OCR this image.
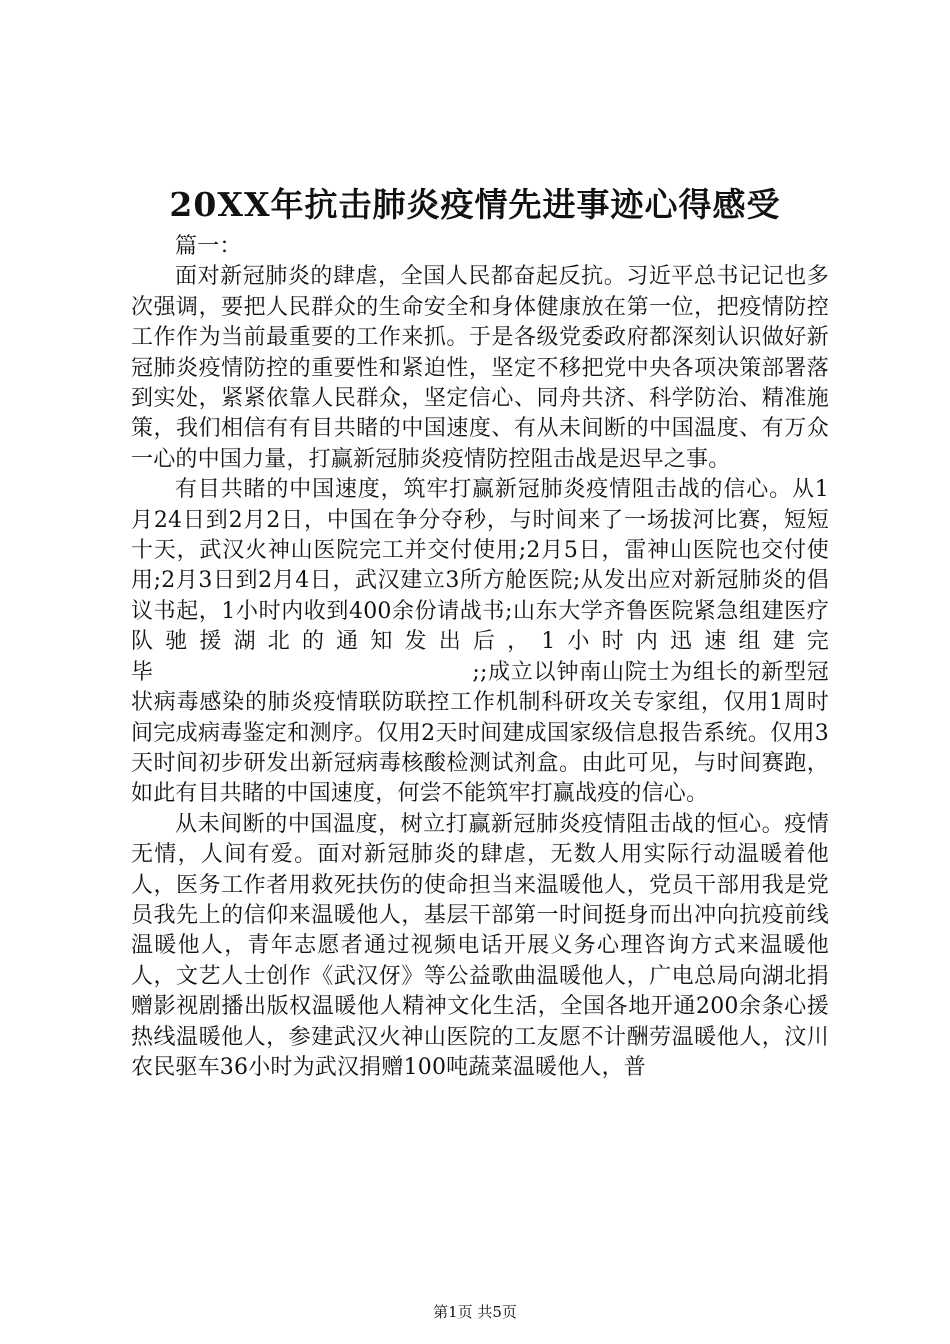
20XX年抗击肺炎疫情先进事迹心得感受

篇一：

面对新冠肺炎的肆虐，全国人民都奋起反抗。习近平总书记记也多次强调，要把人民群众的生命安全和身体健康放在第一位，把疫情防控工作作为当前最重要的工作来抓。于是各级党委政府都深刻认识做好新冠肺炎疫情防控的重要性和紧迫性，坚定不移把党中央各项决策部署落到实处，紧紧依靠人民群众，坚定信心、同舟共济、科学防治、精准施策，我们相信有有目共睹的中国速度、有从未间断的中国温度、有万众一心的中国力量，打赢新冠肺炎疫情防控阻击战是迟早之事。

有目共睹的中国速度，筑牢打赢新冠肺炎疫情阻击战的信心。从1月24日到2月2日，中国在争分夺秒，与时间来了一场拔河比赛，短短十天，武汉火神山医院完工并交付使用;2月5日，雷神山医院也交付使用;2月3日到2月4日，武汉建立3所方舱医院;从发出应对新冠肺炎的倡议书起，1小时内收到400余份请战书;山东大学齐鲁医院紧急组建医疗队驰援湖北的通知发出后，1小时内迅速组建完毕　　　　　　　　　　　　　　;;成立以钟南山院士为组长的新型冠状病毒感染的肺炎疫情联防联控工作机制科研攻关专家组，仅用1周时间完成病毒鉴定和测序。仅用2天时间建成国家级信息报告系统。仅用3天时间初步研发出新冠病毒核酸检测试剂盒。由此可见，与时间赛跑，如此有目共睹的中国速度，何尝不能筑牢打赢战疫的信心。

从未间断的中国温度，树立打赢新冠肺炎疫情阻击战的恒心。疫情无情，人间有爱。面对新冠肺炎的肆虐，无数人用实际行动温暖着他人，医务工作者用救死扶伤的使命担当来温暖他人，党员干部用我是党员我先上的信仰来温暖他人，基层干部第一时间挺身而出冲向抗疫前线温暖他人，青年志愿者通过视频电话开展义务心理咨询方式来温暖他人，文艺人士创作《武汉伢》等公益歌曲温暖他人，广电总局向湖北捐赠影视剧播出版权温暖他人精神文化生活，全国各地开通200余条心援热线温暖他人，参建武汉火神山医院的工友愿不计酬劳温暖他人，汶川农民驱车36小时为武汉捐赠100吨蔬菜温暖他人，普

第1页 共5页
